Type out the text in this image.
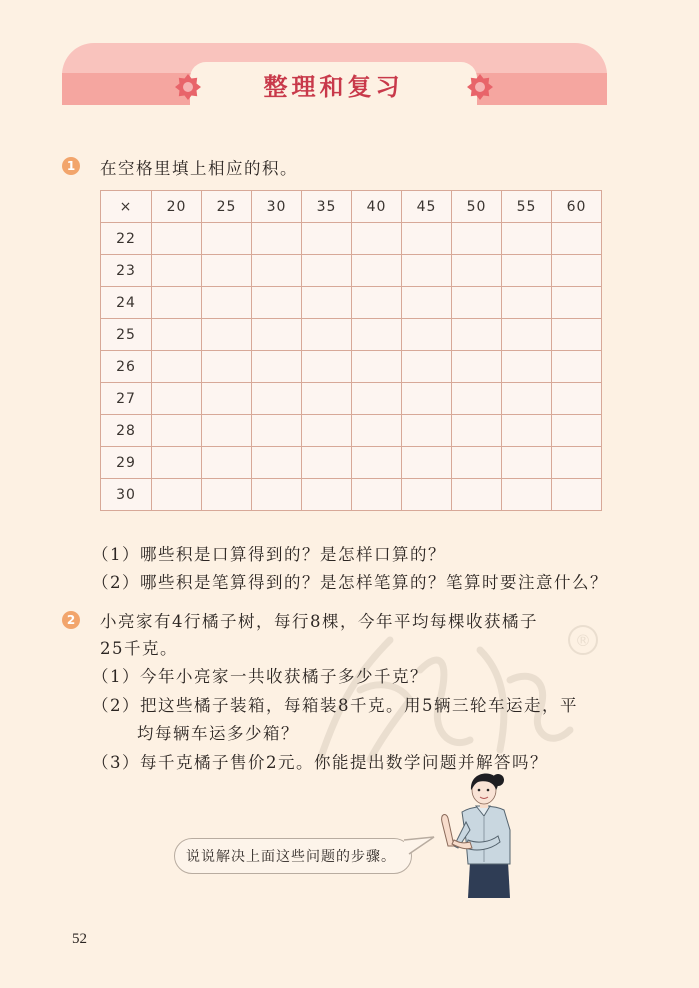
整理和复习
1 在空格里填上相应的积。
×	20	25	30	35	40	45	50	55	60
22									
23									
24									
25									
26									
27									
28									
29									
30									
（1）哪些积是口算得到的？是怎样口算的？
（2）哪些积是笔算得到的？是怎样笔算的？笔算时要注意什么？
®
2 小亮家有4行橘子树，每行8棵，今年平均每棵收获橘子
25千克。
（1）今年小亮家一共收获橘子多少千克？
（2）把这些橘子装箱，每箱装8千克。用5辆三轮车运走，平
均每辆车运多少箱？
（3）每千克橘子售价2元。你能提出数学问题并解答吗？
说说解决上面这些问题的步骤。
52
